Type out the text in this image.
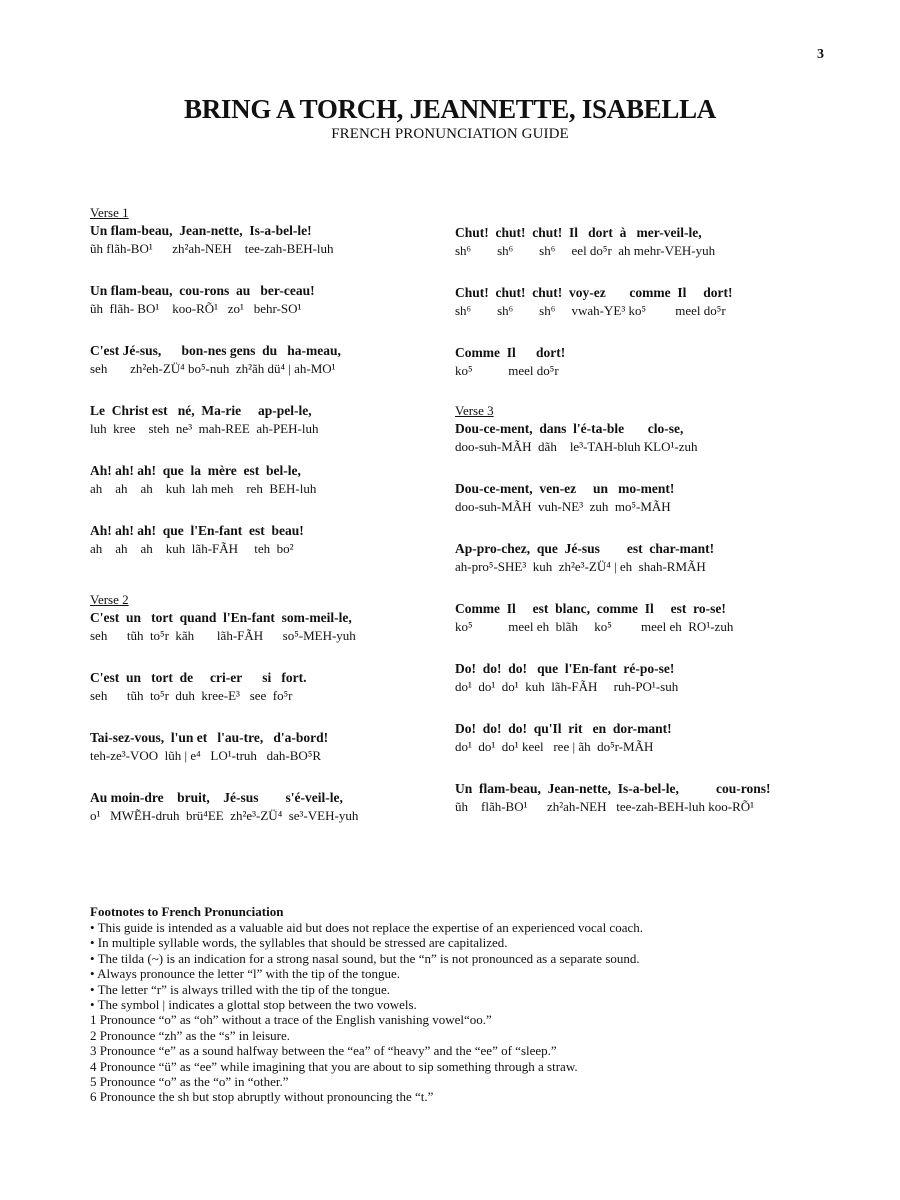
3
BRING A TORCH, JEANNETTE, ISABELLA
FRENCH PRONUNCIATION GUIDE
Verse 1
Un flam-beau,  Jean-nette,  Is-a-bel-le!
ũh flãh-BO¹      zh²ah-NEH    tee-zah-BEH-luh
Un flam-beau,  cou-rons  au   ber-ceau!
ũh  flãh- BO¹    koo-RÕ¹   zo¹   behr-SO¹
C'est Jé-sus,      bon-nes gens  du   ha-meau,
seh       zh²eh-ZÜ⁴ bo⁵-nuh  zh²ãh dü⁴ | ah-MO¹
Le  Christ est   né,  Ma-rie     ap-pel-le,
luh  kree    steh  ne³  mah-REE  ah-PEH-luh
Ah! ah! ah!  que  la  mère  est  bel-le,
ah    ah    ah    kuh  lah meh    reh  BEH-luh
Ah! ah! ah!  que  l'En-fant  est  beau!
ah    ah    ah    kuh  lãh-FÃH     teh  bo²
Verse 2
C'est  un   tort  quand  l'En-fant  som-meil-le,
seh      tũh  to⁵r  kãh       lãh-FÃH      so⁵-MEH-yuh
C'est  un   tort  de     cri-er      si   fort.
seh      tũh  to⁵r  duh  kree-E³   see  fo⁵r
Tai-sez-vous,  l'un et   l'au-tre,   d'a-bord!
teh-ze³-VOO  lũh | e⁴   LO¹-truh   dah-BO⁵R
Au moin-dre    bruit,    Jé-sus        s'é-veil-le,
o¹   MWẼH-druh  brü⁴EE  zh²e³-ZÜ⁴  se³-VEH-yuh
Chut!  chut!  chut!  Il   dort  à   mer-veil-le,
sh⁶        sh⁶        sh⁶     eel do⁵r  ah mehr-VEH-yuh
Chut!  chut!  chut!  voy-ez       comme  Il     dort!
sh⁶        sh⁶        sh⁶     vwah-YE³ ko⁵         meel do⁵r
Comme  Il      dort!
ko⁵           meel do⁵r
Verse 3
Dou-ce-ment,  dans  l'é-ta-ble       clo-se,
doo-suh-MÃH  dãh    le³-TAH-bluh KLO¹-zuh
Dou-ce-ment,  ven-ez     un   mo-ment!
doo-suh-MÃH  vuh-NE³  zuh  mo⁵-MÃH
Ap-pro-chez,  que  Jé-sus        est  char-mant!
ah-pro⁵-SHE³  kuh  zh²e³-ZÜ⁴ | eh  shah-RMÃH
Comme  Il     est  blanc,  comme  Il     est  ro-se!
ko⁵           meel eh  blãh     ko⁵         meel eh  RO¹-zuh
Do!  do!  do!   que  l'En-fant  ré-po-se!
do¹  do¹  do¹  kuh  lãh-FÃH     ruh-PO¹-suh
Do!  do!  do!  qu'Il  rit   en  dor-mant!
do¹  do¹  do¹ keel   ree | ãh  do⁵r-MÃH
Un  flam-beau,  Jean-nette,  Is-a-bel-le,           cou-rons!
ũh    flãh-BO¹      zh²ah-NEH   tee-zah-BEH-luh koo-RÕ¹
Footnotes to French Pronunciation
• This guide is intended as a valuable aid but does not replace the expertise of an experienced vocal coach.
• In multiple syllable words, the syllables that should be stressed are capitalized.
• The tilda (~) is an indication for a strong nasal sound, but the “n” is not pronounced as a separate sound.
• Always pronounce the letter “l” with the tip of the tongue.
• The letter “r” is always trilled with the tip of the tongue.
• The symbol | indicates a glottal stop between the two vowels.
1 Pronounce “o” as “oh” without a trace of the English vanishing vowel“oo.”
2 Pronounce “zh” as the “s” in leisure.
3 Pronounce “e” as a sound halfway between the “ea” of “heavy” and the “ee” of “sleep.”
4 Pronounce “ü” as “ee” while imagining that you are about to sip something through a straw.
5 Pronounce “o” as the “o” in “other.”
6 Pronounce the sh but stop abruptly without pronouncing the “t.”
